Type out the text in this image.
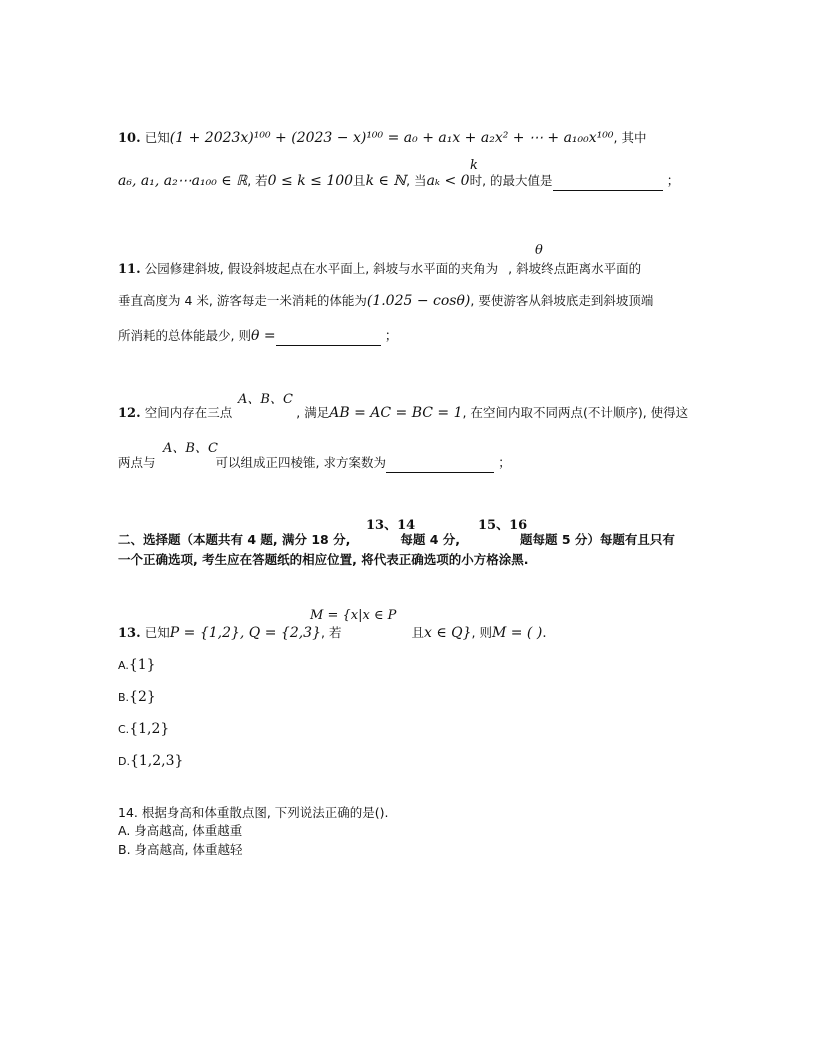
10. 已知(1 + 2023x)¹⁰⁰ + (2023 − x)¹⁰⁰ = a₀ + a₁x + a₂x² + ⋯ + a₁₀₀x¹⁰⁰, 其中
k
a₆, a₁, a₂⋯a₁₀₀ ∈ ℝ, 若0 ≤ k ≤ 100且k ∈ ℕ, 当aₖ < 0时, 的最大值是	；
θ
11. 公园修建斜坡, 假设斜坡起点在水平面上, 斜坡与水平面的夹角为 , 斜坡终点距离水平面的
垂直高度为 4 米, 游客每走一米消耗的体能为(1.025 − cosθ), 要使游客从斜坡底走到斜坡顶端
所消耗的总体能最少, 则θ =	；
A、B、C
12. 空间内存在三点	, 满足AB = AC = BC = 1, 在空间内取不同两点(不计顺序), 使得这
A、B、C
两点与	可以组成正四棱锥, 求方案数为	；
13、14	15、16
二、选择题（本题共有 4 题, 满分 18 分,	每题 4 分,	题每题 5 分）每题有且只有
一个正确选项, 考生应在答题纸的相应位置, 将代表正确选项的小方格涂黑.
M = {x|x ∈ P
13. 已知P = {1,2}, Q = {2,3}, 若	且x ∈ Q}, 则M = ( ).
A.{1}
B.{2}
C.{1,2}
D.{1,2,3}
14. 根据身高和体重散点图, 下列说法正确的是().
A. 身高越高, 体重越重
B. 身高越高, 体重越轻
